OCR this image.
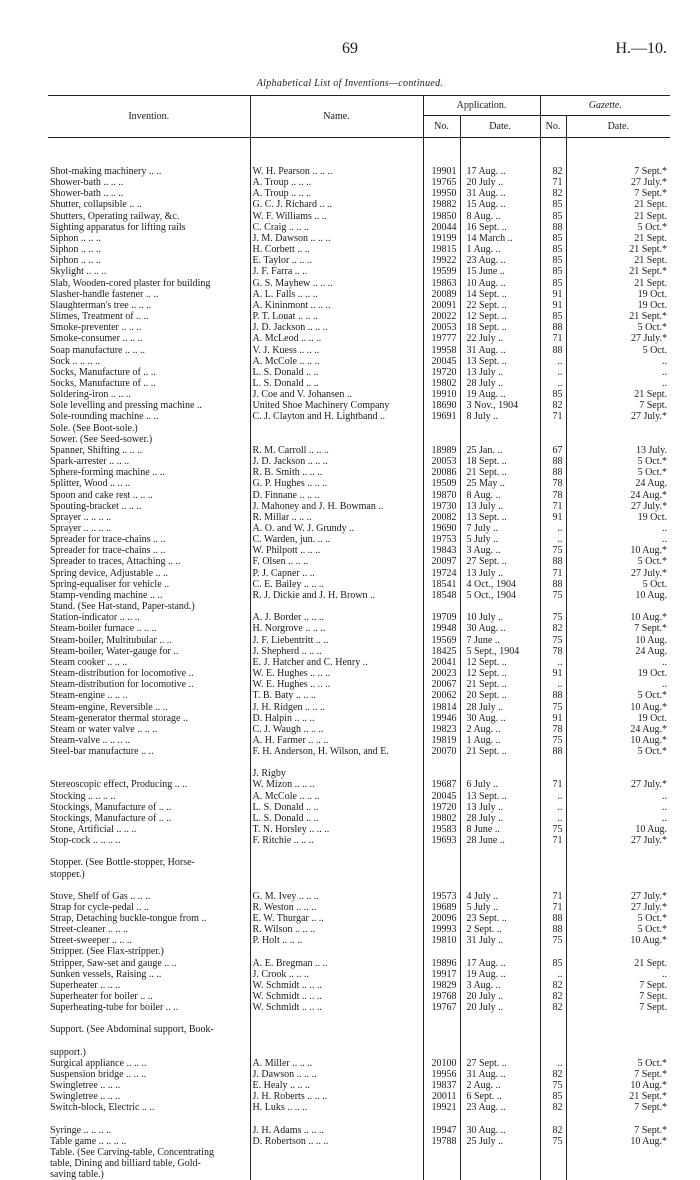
69	H.—10.
Alphabetical List of Inventions—continued.
Invention.	Name.	Application.		Gazette.	
		No.	Date.	No.	Date.

Shot-making machinery .. ..	W. H. Pearson .. .. ..	19901	17 Aug. ..	82	7 Sept.*
Shower-bath .. .. ..	A. Troup .. .. ..	19765	20 July ..	71	27 July.*
Shower-bath .. .. ..	A. Troup .. .. ..	19950	31 Aug. ..	82	7 Sept.*
Shutter, collapsible .. ..	G. C. J. Richard .. ..	19882	15 Aug. ..	85	21 Sept.
Shutters, Operating railway, &c.	W. F. Williams .. ..	19850	8 Aug. ..	85	21 Sept.
Sighting apparatus for lifting rails	C. Craig .. .. ..	20044	16 Sept. ..	88	5 Oct.*
Siphon .. .. ..	J. M. Dawson .. .. ..	19199	14 March ..	85	21 Sept.
Siphon .. .. ..	H. Corbett .. ..	19815	1 Aug. ..	85	21 Sept.*
Siphon .. .. ..	E. Taylor .. .. ..	19922	23 Aug. ..	85	21 Sept.
Skylight .. .. ..	J. F. Farra .. ..	19599	15 June ..	85	21 Sept.*
Slab, Wooden-cored plaster for building	G. S. Mayhew .. .. ..	19863	10 Aug. ..	85	21 Sept.
Slasher-handle fastener .. ..	A. L. Falls .. .. ..	20089	14 Sept. ..	91	19 Oct.
Slaughterman's tree .. .. ..	A. Kininmont .. .. ..	20091	22 Sept. ..	91	19 Oct.
Slimes, Treatment of .. ..	P. T. Louat .. .. ..	20022	12 Sept. ..	85	21 Sept.*
Smoke-preventer .. .. ..	J. D. Jackson .. .. ..	20053	18 Sept. ..	88	5 Oct.*
Smoke-consumer .. .. ..	A. McLeod .. .. ..	19777	22 July ..	71	27 July.*
Soap manufacture .. .. ..	V. J. Kuess .. .. ..	19958	31 Aug. ..	88	5 Oct.
Sock .. .. .. ..	A. McCole .. .. ..	20045	13 Sept. ..	..	..
Socks, Manufacture of .. ..	L. S. Donald .. ..	19720	13 July ..	..	..
Socks, Manufacture of .. ..	L. S. Donald .. ..	19802	28 July ..	..	..
Soldering-iron .. .. ..	J. Coe and V. Johansen ..	19910	19 Aug. ..	85	21 Sept.
Sole levelling and pressing machine ..	United Shoe Machinery Company	18690	3 Nov., 1904	82	7 Sept.
Sole-rounding machine .. ..	C. J. Clayton and H. Lightband ..	19691	8 July ..	71	27 July.*
Sole. (See Boot-sole.)					
Sower. (See Seed-sower.)					
Spanner, Shifting .. .. ..	R. M. Carroll .. .. ..	18989	25 Jan. ..	67	13 July.
Spark-arrester .. .. ..	J. D. Jackson .. .. ..	20053	18 Sept. ..	88	5 Oct.*
Sphere-forming machine .. ..	R. B. Smith .. .. ..	20086	21 Sept. ..	88	5 Oct.*
Splitter, Wood .. .. ..	G. P. Hughes .. .. ..	19509	25 May ..	78	24 Aug.
Spoon and cake rest .. .. ..	D. Finnane .. .. ..	19870	8 Aug. ..	78	24 Aug.*
Spouting-bracket .. .. ..	J. Mahoney and J. H. Bowman ..	19730	13 July ..	71	27 July.*
Sprayer .. .. .. ..	R. Millar .. .. ..	20082	13 Sept. ..	91	19 Oct.
Sprayer .. .. .. ..	A. O. and W. J. Grundy ..	19690	7 July ..	..	..
Spreader for trace-chains .. ..	C. Warden, jun. .. ..	19753	5 July ..	..	..
Spreader for trace-chains .. ..	W. Philpott .. .. ..	19843	3 Aug. ..	75	10 Aug.*
Spreader to traces, Attaching .. ..	F. Olsen .. .. ..	20097	27 Sept. ..	88	5 Oct.*
Spring device, Adjustable .. ..	P. J. Capner .. ..	19724	13 July ..	71	27 July.*
Spring-equaliser for vehicle ..	C. E. Bailey .. .. ..	18541	4 Oct., 1904	88	5 Oct.
Stamp-vending machine .. ..	R. J. Dickie and J. H. Brown ..	18548	5 Oct., 1904	75	10 Aug.
Stand. (See Hat-stand, Paper-stand.)					
Station-indicator .. .. ..	A. J. Border .. .. ..	19709	10 July ..	75	10 Aug.*
Steam-boiler furnace .. .. ..	H. Norgrove .. .. ..	19948	30 Aug. ..	82	7 Sept.*
Steam-boiler, Multitubular .. ..	J. F. Liebentritt .. ..	19569	7 June ..	75	10 Aug.
Steam-boiler, Water-gauge for ..	J. Shepherd .. .. ..	18425	5 Sept., 1904	78	24 Aug.
Steam cooker .. .. ..	E. J. Hatcher and C. Henry ..	20041	12 Sept. ..	..	..
Steam-distribution for locomotive ..	W. E. Hughes .. .. ..	20023	12 Sept. ..	91	19 Oct.
Steam-distribution for locomotive ..	W. E. Hughes .. .. ..	20067	21 Sept. ..	..	..
Steam-engine .. .. ..	T. B. Baty .. .. ..	20062	20 Sept. ..	88	5 Oct.*
Steam-engine, Reversible .. ..	J. H. Ridgen .. .. ..	19814	28 July ..	75	10 Aug.*
Steam-generator thermal storage ..	D. Halpin .. .. ..	19946	30 Aug. ..	91	19 Oct.
Steam or water valve .. .. ..	C. J. Waugh .. .. ..	19823	2 Aug. ..	78	24 Aug.*
Steam-valve .. .. .. ..	A. H. Farmer .. .. ..	19819	1 Aug. ..	75	10 Aug.*
Steel-bar manufacture .. ..	F. H. Anderson, H. Wilson, and E.	20070	21 Sept. ..	88	5 Oct.*

	J. Rigby				
Stereoscopic effect, Producing .. ..	W. Mizon .. .. ..	19687	6 July ..	71	27 July.*
Stocking .. .. .. ..	A. McCole .. .. ..	20045	13 Sept. ..	..	..
Stockings, Manufacture of .. ..	L. S. Donald .. ..	19720	13 July ..	..	..
Stockings, Manufacture of .. ..	L. S. Donald .. ..	19802	28 July ..	..	..
Stone, Artificial .. .. ..	T. N. Horsley .. .. ..	19583	8 June ..	75	10 Aug.
Stop-cock .. .. .. ..	F. Ritchie .. .. ..	19693	28 June ..	71	27 July.*

Stopper. (See Bottle-stopper, Horse-					
stopper.)					

Stove, Shelf of Gas .. .. ..	G. M. Ivey .. .. ..	19573	4 July ..	71	27 July.*
Strap for cycle-pedal .. ..	R. Weston .. .. ..	19689	5 July ..	71	27 July.*
Strap, Detaching buckle-tongue from ..	E. W. Thurgar .. ..	20096	23 Sept. ..	88	5 Oct.*
Street-cleaner .. .. ..	R. Wilson .. .. ..	19993	2 Sept. ..	88	5 Oct.*
Street-sweeper .. .. ..	P. Holt .. .. ..	19810	31 July ..	75	10 Aug.*
Stripper. (See Flax-stripper.)					
Stripper, Saw-set and gauge .. ..	A. E. Bregman .. ..	19896	17 Aug. ..	85	21 Sept.
Sunken vessels, Raising .. ..	J. Crook .. .. ..	19917	19 Aug. ..	..	..
Superheater .. .. ..	W. Schmidt .. .. ..	19829	3 Aug. ..	82	7 Sept.
Superheater for boiler .. ..	W. Schmidt .. .. ..	19768	20 July ..	82	7 Sept.
Superheating-tube for boiler .. ..	W. Schmidt .. .. ..	19767	20 July ..	82	7 Sept.

Support. (See Abdominal support, Book-					

support.)					
Surgical appliance .. .. ..	A. Miller .. .. ..	20100	27 Sept. ..	..	5 Oct.*
Suspension bridge .. .. ..	J. Dawson .. .. ..	19956	31 Aug. ..	82	7 Sept.*
Swingletree .. .. ..	E. Healy .. .. ..	19837	2 Aug. ..	75	10 Aug.*
Swingletree .. .. ..	J. H. Roberts .. .. ..	20011	6 Sept. ..	85	21 Sept.*
Switch-block, Electric .. ..	H. Luks .. .. ..	19921	23 Aug. ..	82	7 Sept.*

Syringe .. .. .. ..	J. H. Adams .. .. ..	19947	30 Aug. ..	82	7 Sept.*
Table game .. .. .. ..	D. Robertson .. .. ..	19788	25 July ..	75	10 Aug.*
Table. (See Carving-table, Concentrating					
table, Dining and billiard table, Gold-					
saving table.)					
